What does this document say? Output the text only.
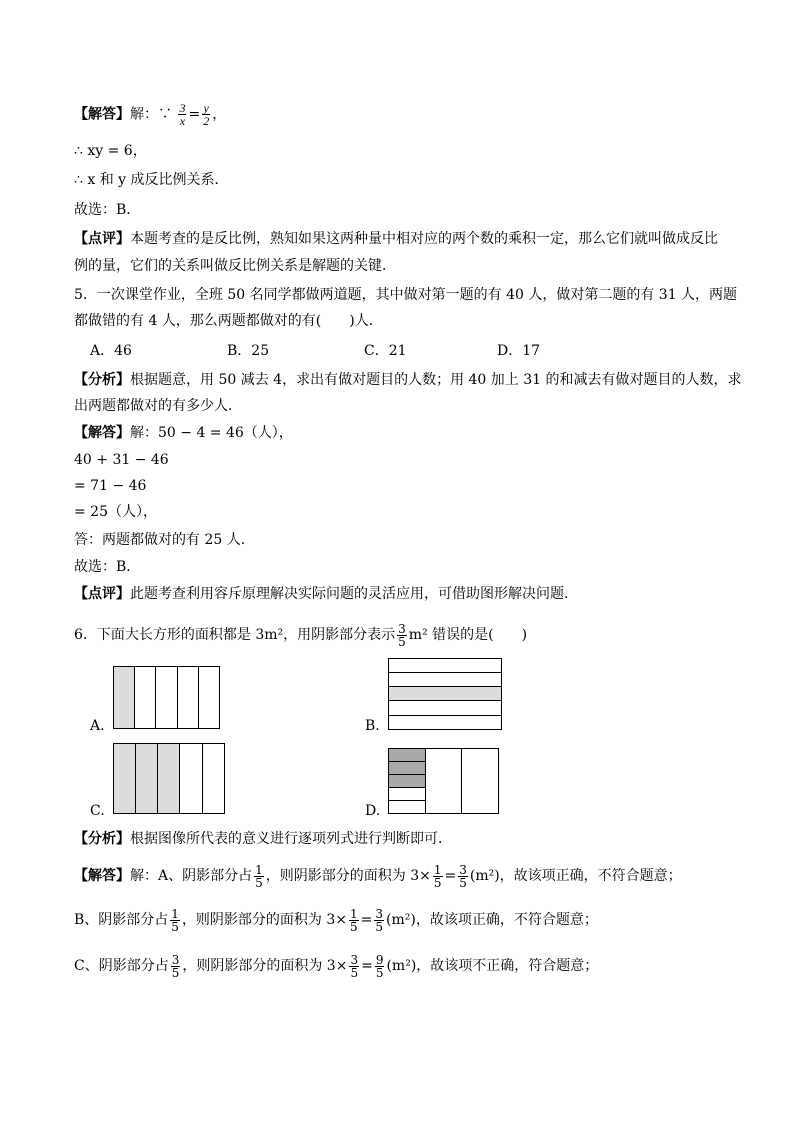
【解答】解：∵ $\frac{3}{x} = \frac{y}{2}$ ，
∴ xy = 6，
∴ x 和 y 成反比例关系．
故选：B．
【点评】本题考查的是反比例，熟知如果这两种量中相对应的两个数的乘积一定，那么它们就叫做成反比
例的量，它们的关系叫做反比例关系是解题的关键．
5．一次课堂作业，全班 50 名同学都做两道题，其中做对第一题的有 40 人，做对第二题的有 31 人，两题
都做错的有 4 人，那么两题都做对的有(　　)人．
A．46	B．25	C．21	D．17
【分析】根据题意，用 50 减去 4，求出有做对题目的人数；用 40 加上 31 的和减去有做对题目的人数，求
出两题都做对的有多少人．
【解答】解：50 − 4 = 46（人），
40 + 31 − 46
= 71 − 46
= 25（人），
答：两题都做对的有 25 人．
故选：B．
【点评】此题考查利用容斥原理解决实际问题的灵活应用，可借助图形解决问题．
6．下面大长方形的面积都是 3m²，用阴影部分表示 $\frac{3}{5} m^2$ 错误的是(　　)
A.	B.
C.	D.
【分析】根据图像所代表的意义进行逐项列式进行判断即可．
【解答】解：A、阴影部分占 $\frac{1}{5}$ ，则阴影部分的面积为 $3\times \frac{1}{5} = \frac{3}{5} (m^2)$，故该项正确，不符合题意；
B、阴影部分占 $\frac{1}{5}$ ，则阴影部分的面积为 $3\times \frac{1}{5} = \frac{3}{5} (m^2)$，故该项正确，不符合题意；
C、阴影部分占 $\frac{3}{5}$ ，则阴影部分的面积为 $3\times \frac{3}{5} = \frac{9}{5} (m^2)$，故该项不正确，符合题意；
